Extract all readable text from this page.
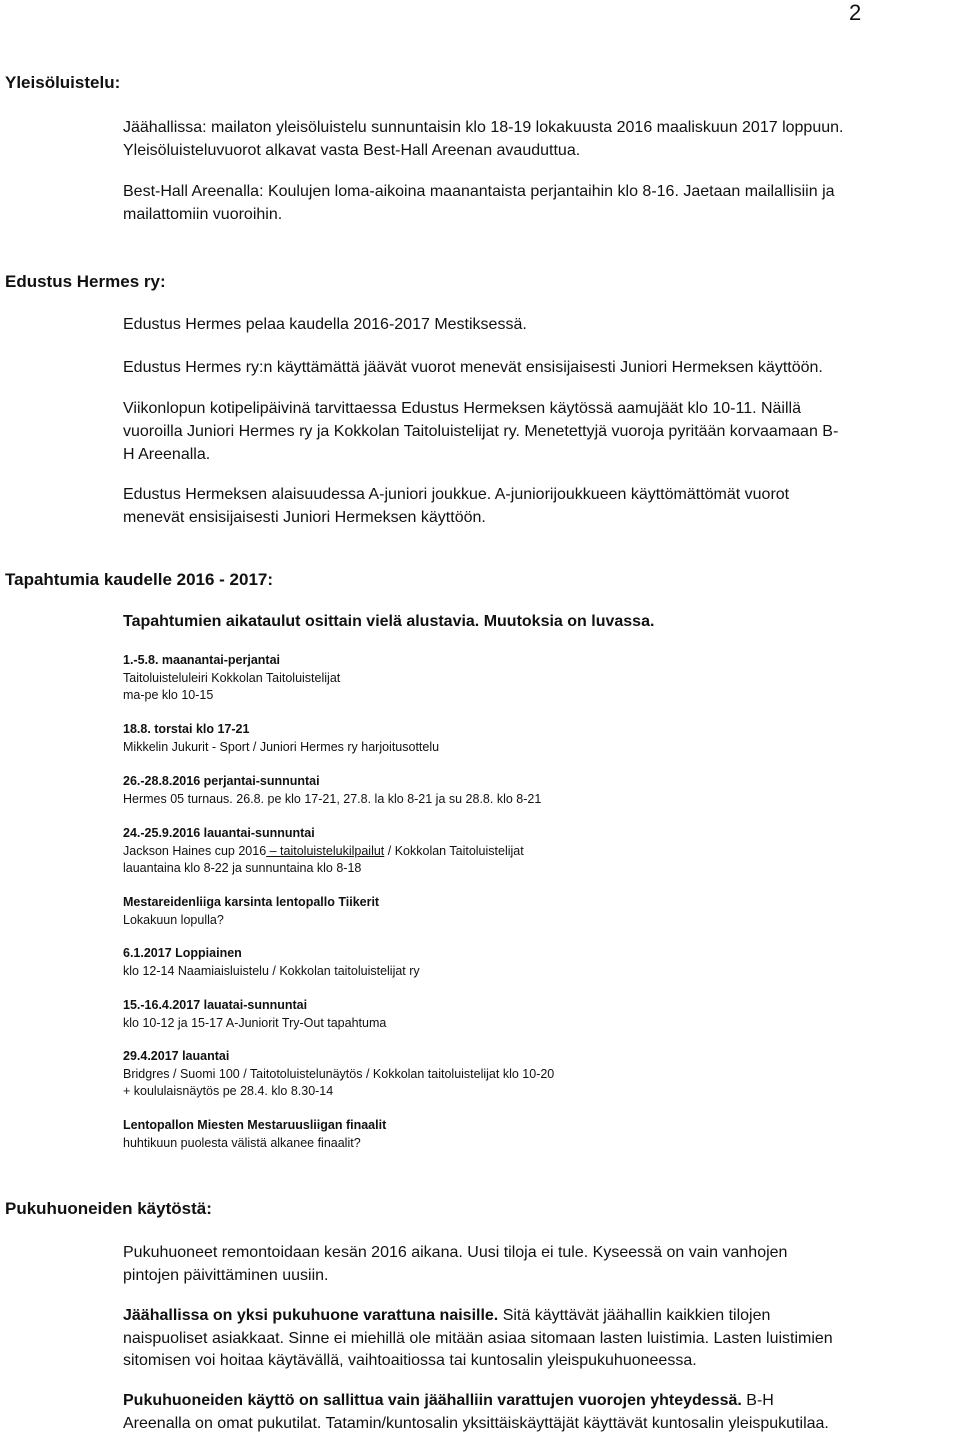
2
Yleisöluistelu:
Jäähallissa: mailaton yleisöluistelu sunnuntaisin klo 18-19 lokakuusta 2016 maaliskuun 2017 loppuun.
Yleisöluisteluvuorot alkavat vasta Best-Hall Areenan avauduttua.
Best-Hall Areenalla: Koulujen loma-aikoina maanantaista perjantaihin klo 8-16. Jaetaan mailallisiin ja
mailattomiin vuoroihin.
Edustus Hermes ry:
Edustus Hermes pelaa kaudella 2016-2017 Mestiksessä.
Edustus Hermes ry:n käyttämättä jäävät vuorot menevät ensisijaisesti Juniori Hermeksen käyttöön.
Viikonlopun kotipelipäivinä tarvittaessa Edustus Hermeksen käytössä aamujäät klo 10-11. Näillä
vuoroilla Juniori Hermes ry ja Kokkolan Taitoluistelijat ry. Menetettyjä vuoroja pyritään korvaamaan B-
H Areenalla.
Edustus Hermeksen alaisuudessa A-juniori joukkue. A-juniorijoukkueen käyttömättömät vuorot
menevät ensisijaisesti Juniori Hermeksen käyttöön.
Tapahtumia kaudelle 2016 - 2017:
Tapahtumien aikataulut osittain vielä alustavia. Muutoksia on luvassa.
1.-5.8. maanantai-perjantai
Taitoluisteluleiri Kokkolan Taitoluistelijat
ma-pe klo 10-15
18.8. torstai klo 17-21
Mikkelin Jukurit - Sport / Juniori Hermes ry harjoitusottelu
26.-28.8.2016 perjantai-sunnuntai
Hermes 05 turnaus. 26.8. pe klo 17-21, 27.8. la klo 8-21 ja su 28.8. klo 8-21
24.-25.9.2016 lauantai-sunnuntai
Jackson Haines cup 2016 – taitoluistelukilpailut / Kokkolan Taitoluistelijat
lauantaina klo 8-22 ja sunnuntaina klo 8-18
Mestareidenliiga karsinta lentopallo Tiikerit
Lokakuun lopulla?
6.1.2017 Loppiainen
klo 12-14 Naamiaisluistelu / Kokkolan taitoluistelijat ry
15.-16.4.2017 lauatai-sunnuntai
klo 10-12 ja 15-17 A-Juniorit Try-Out tapahtuma
29.4.2017 lauantai
Bridgres / Suomi 100 / Taitotoluistelunäytös / Kokkolan taitoluistelijat klo 10-20
+ koululaisnäytös pe 28.4. klo 8.30-14
Lentopallon Miesten Mestaruusliigan finaalit
huhtikuun puolesta välistä alkanee finaalit?
Pukuhuoneiden käytöstä:
Pukuhuoneet remontoidaan kesän 2016 aikana. Uusi tiloja ei tule. Kyseessä on vain vanhojen
pintojen päivittäminen uusiin.
Jäähallissa on yksi pukuhuone varattuna naisille. Sitä käyttävät jäähallin kaikkien tilojen
naispuoliset asiakkaat. Sinne ei miehillä ole mitään asiaa sitomaan lasten luistimia. Lasten luistimien
sitomisen voi hoitaa käytävällä, vaihtoaitiossa tai kuntosalin yleispukuhuoneessa.
Pukuhuoneiden käyttö on sallittua vain jäähalliin varattujen vuorojen yhteydessä. B-H
Areenalla on omat pukutilat. Tatamin/kuntosalin yksittäiskäyttäjät käyttävät kuntosalin yleispukutilaa.
